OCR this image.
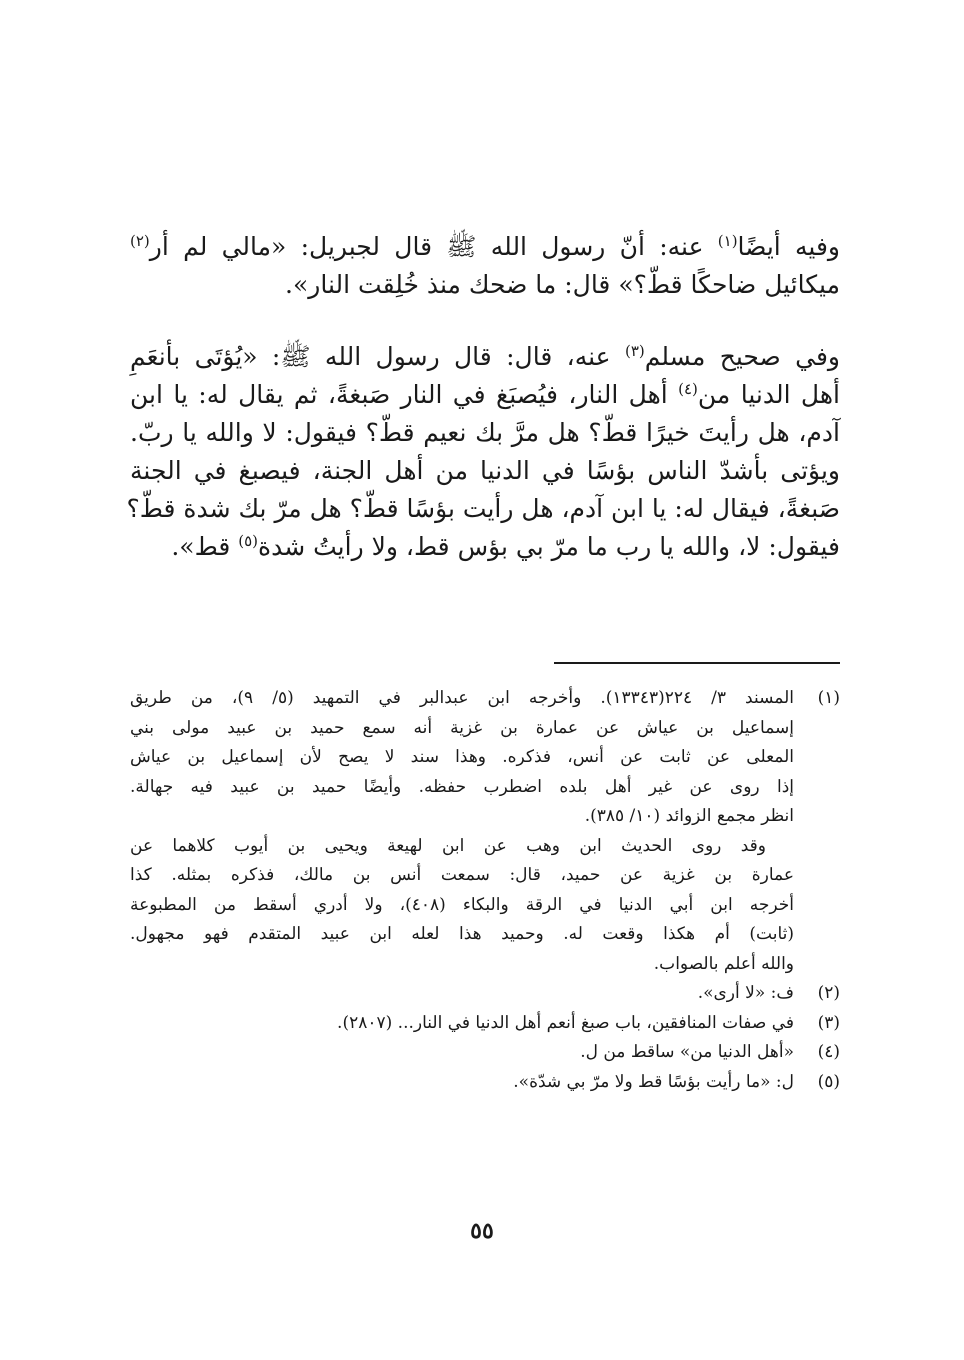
وفيه أيضًا$^{(١)}$ عنه: أنّ رسول الله ﷺ قال لجبريل: «مالي لم أر$^{(٢)}$
ميكائيل ضاحكًا قطّ؟» قال: ما ضحك منذ خُلِقت النار».

وفي صحيح مسلم$^{(٣)}$ عنه، قال: قال رسول الله ﷺ: «يُؤتَى بأنعَمِ
أهل الدنيا من$^{(٤)}$ أهل النار، فيُصبَغ في النار صَبغةً، ثم يقال له: يا ابن
آدم، هل رأيتَ خيرًا قطّ؟ هل مرَّ بك نعيم قطّ؟ فيقول: لا والله يا ربّ.
ويؤتى بأشدّ الناس بؤسًا في الدنيا من أهل الجنة، فيصبغ في الجنة
صَبغةً، فيقال له: يا ابن آدم، هل رأيت بؤسًا قطّ؟ هل مرّ بك شدة قطّ؟
فيقول: لا، والله يا رب ما مرّ بي بؤس قط، ولا رأيتُ شدة$^{(٥)}$ قط».

(١)
المسند ٣/ ٢٢٤(١٣٣٤٣). وأخرجه ابن عبدالبر في التمهيد (٥/ ٩)، من طريق
إسماعيل بن عياش عن عمارة بن غزية أنه سمع حميد بن عبيد مولى بني
المعلى عن ثابت عن أنس، فذكره. وهذا سند لا يصح لأن إسماعيل بن عياش
إذا روى عن غير أهل بلده اضطرب حفظه. وأيضًا حميد بن عبيد فيه جهالة.
انظر مجمع الزوائد (١٠/ ٣٨٥).
وقد روى الحديث ابن وهب عن ابن لهيعة ويحيى بن أيوب كلاهما عن
عمارة بن غزية عن حميد، قال: سمعت أنس بن مالك، فذكره بمثله. كذا
أخرجه ابن أبي الدنيا في الرقة والبكاء (٤٠٨)، ولا أدري أسقط من المطبوعة
(ثابت) أم هكذا وقعت له. وحميد هذا لعله ابن عبيد المتقدم فهو مجهول.
والله أعلم بالصواب.
(٢)
ف: «لا أرى».
(٣)
في صفات المنافقين، باب صبغ أنعم أهل الدنيا في النار... (٢٨٠٧).
(٤)
«أهل الدنيا من» ساقط من ل.
(٥)
ل: «ما رأيت بؤسًا قط ولا مرّ بي شدّة».
٥٥
